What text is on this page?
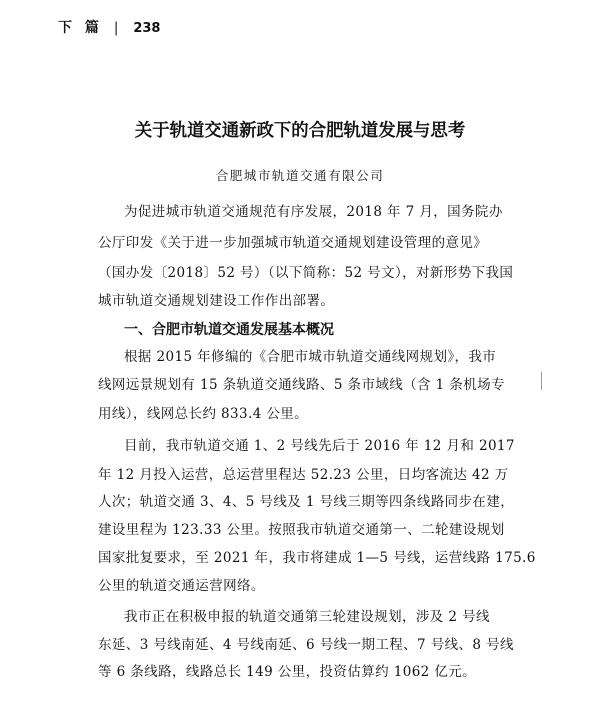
下 篇 | 238
关于轨道交通新政下的合肥轨道发展与思考
合肥城市轨道交通有限公司
为促进城市轨道交通规范有序发展，2018 年 7 月，国务院办
公厅印发《关于进一步加强城市轨道交通规划建设管理的意见》
（国办发〔2018〕52 号）（以下简称：52 号文），对新形势下我国
城市轨道交通规划建设工作作出部署。
一、合肥市轨道交通发展基本概况
根据 2015 年修编的《合肥市城市轨道交通线网规划》，我市
线网远景规划有 15 条轨道交通线路、5 条市域线（含 1 条机场专
用线），线网总长约 833.4 公里。
目前，我市轨道交通 1、2 号线先后于 2016 年 12 月和 2017
年 12 月投入运营，总运营里程达 52.23 公里，日均客流达 42 万
人次；轨道交通 3、4、5 号线及 1 号线三期等四条线路同步在建，
建设里程为 123.33 公里。按照我市轨道交通第一、二轮建设规划
国家批复要求，至 2021 年，我市将建成 1—5 号线，运营线路 175.6
公里的轨道交通运营网络。
我市正在积极申报的轨道交通第三轮建设规划，涉及 2 号线
东延、3 号线南延、4 号线南延、6 号线一期工程、7 号线、8 号线
等 6 条线路，线路总长 149 公里，投资估算约 1062 亿元。
